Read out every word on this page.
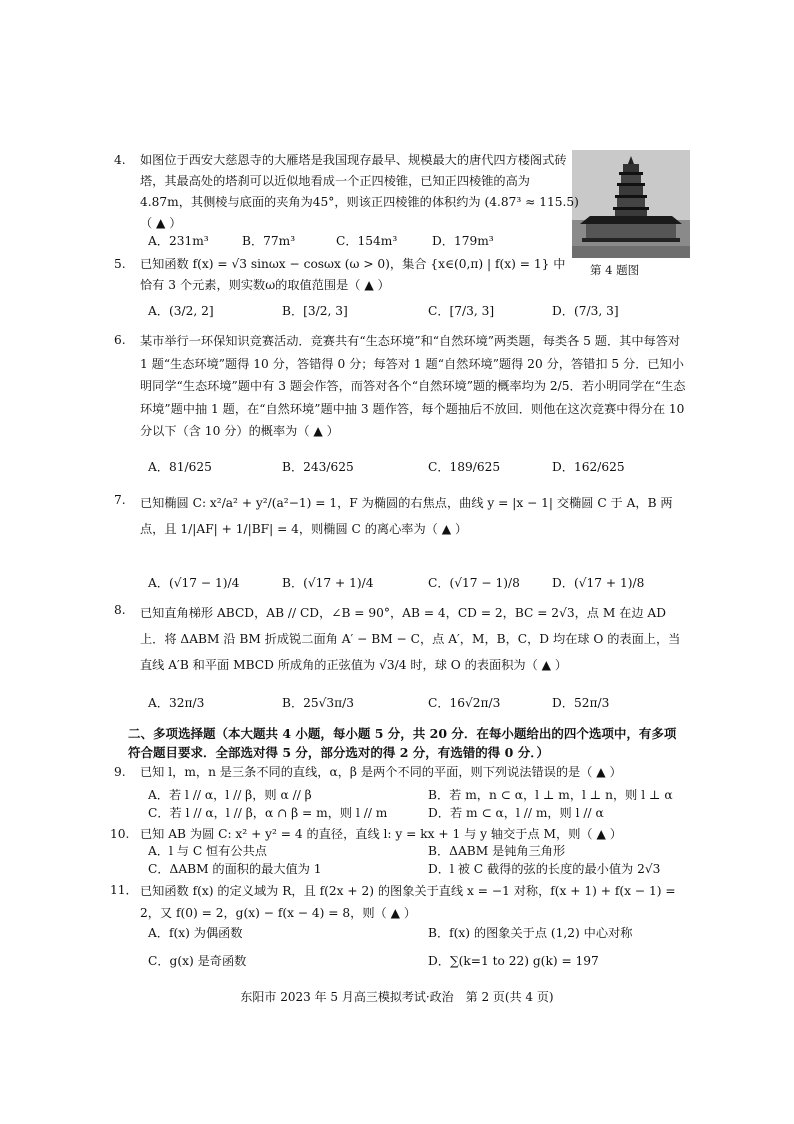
第 4 题图
4. 如图位于西安大慈恩寺的大雁塔是我国现存最早、规模最大的唐代四方楼阁式砖塔，其最高处的塔刹可以近似地看成一个正四棱锥，已知正四棱锥的高为 4.87m，其侧棱与底面的夹角为45°，则该正四棱锥的体积约为 (4.87³ ≈ 115.5)（ ▲ ）
A．231m³	B．77m³	C．154m³	D．179m³
5. 已知函数 f(x) = √3 sinωx − cosωx (ω > 0)，集合 {x∈(0,π) | f(x) = 1} 中恰有 3 个元素，则实数ω的取值范围是（ ▲ ）
A．(3/2, 2]	B．[3/2, 3]	C．[7/3, 3]	D．(7/3, 3]
6. 某市举行一环保知识竞赛活动．竞赛共有“生态环境”和“自然环境”两类题，每类各 5 题．其中每答对 1 题“生态环境”题得 10 分，答错得 0 分；每答对 1 题“自然环境”题得 20 分，答错扣 5 分．已知小明同学“生态环境”题中有 3 题会作答，而答对各个“自然环境”题的概率均为 2/5．若小明同学在“生态环境”题中抽 1 题，在“自然环境”题中抽 3 题作答，每个题抽后不放回．则他在这次竞赛中得分在 10 分以下（含 10 分）的概率为（ ▲ ）
A．81/625	B．243/625	C．189/625	D．162/625
7. 已知椭圆 C: x²/a² + y²/(a²−1) = 1，F 为椭圆的右焦点，曲线 y = |x − 1| 交椭圆 C 于 A，B 两点，且 1/|AF| + 1/|BF| = 4，则椭圆 C 的离心率为（ ▲ ）
A．(√17 − 1)/4	B．(√17 + 1)/4	C．(√17 − 1)/8	D．(√17 + 1)/8
8. 已知直角梯形 ABCD，AB // CD，∠B = 90°，AB = 4，CD = 2，BC = 2√3，点 M 在边 AD 上．将 ΔABM 沿 BM 折成锐二面角 A′ − BM − C，点 A′，M，B，C，D 均在球 O 的表面上，当直线 A′B 和平面 MBCD 所成角的正弦值为 √3/4 时，球 O 的表面积为（ ▲ ）
A．32π/3	B．25√3π/3	C．16√2π/3	D．52π/3
二、多项选择题（本大题共 4 小题，每小题 5 分，共 20 分．在每小题给出的四个选项中，有多项符合题目要求．全部选对得 5 分，部分选对的得 2 分，有选错的得 0 分．）
9. 已知 l，m，n 是三条不同的直线，α，β 是两个不同的平面，则下列说法错误的是（ ▲ ）
A．若 l // α，l // β，则 α // β	B．若 m，n ⊂ α，l ⊥ m，l ⊥ n，则 l ⊥ α
C．若 l // α，l // β，α ∩ β = m，则 l // m	D．若 m ⊂ α，l // m，则 l // α
10. 已知 AB 为圆 C: x² + y² = 4 的直径，直线 l: y = kx + 1 与 y 轴交于点 M，则（ ▲ ）
A．l 与 C 恒有公共点	B．ΔABM 是钝角三角形
C．ΔABM 的面积的最大值为 1	D．l 被 C 截得的弦的长度的最小值为 2√3
11． 已知函数 f(x) 的定义域为 R，且 f(2x + 2) 的图象关于直线 x = −1 对称，f(x + 1) + f(x − 1) = 2，又 f(0) = 2，g(x) − f(x − 4) = 8，则（ ▲ ）
A．f(x) 为偶函数	B．f(x) 的图象关于点 (1,2) 中心对称
C．g(x) 是奇函数	D．∑(k=1 to 22) g(k) = 197
东阳市 2023 年 5 月高三模拟考试·政治　第 2 页(共 4 页)
